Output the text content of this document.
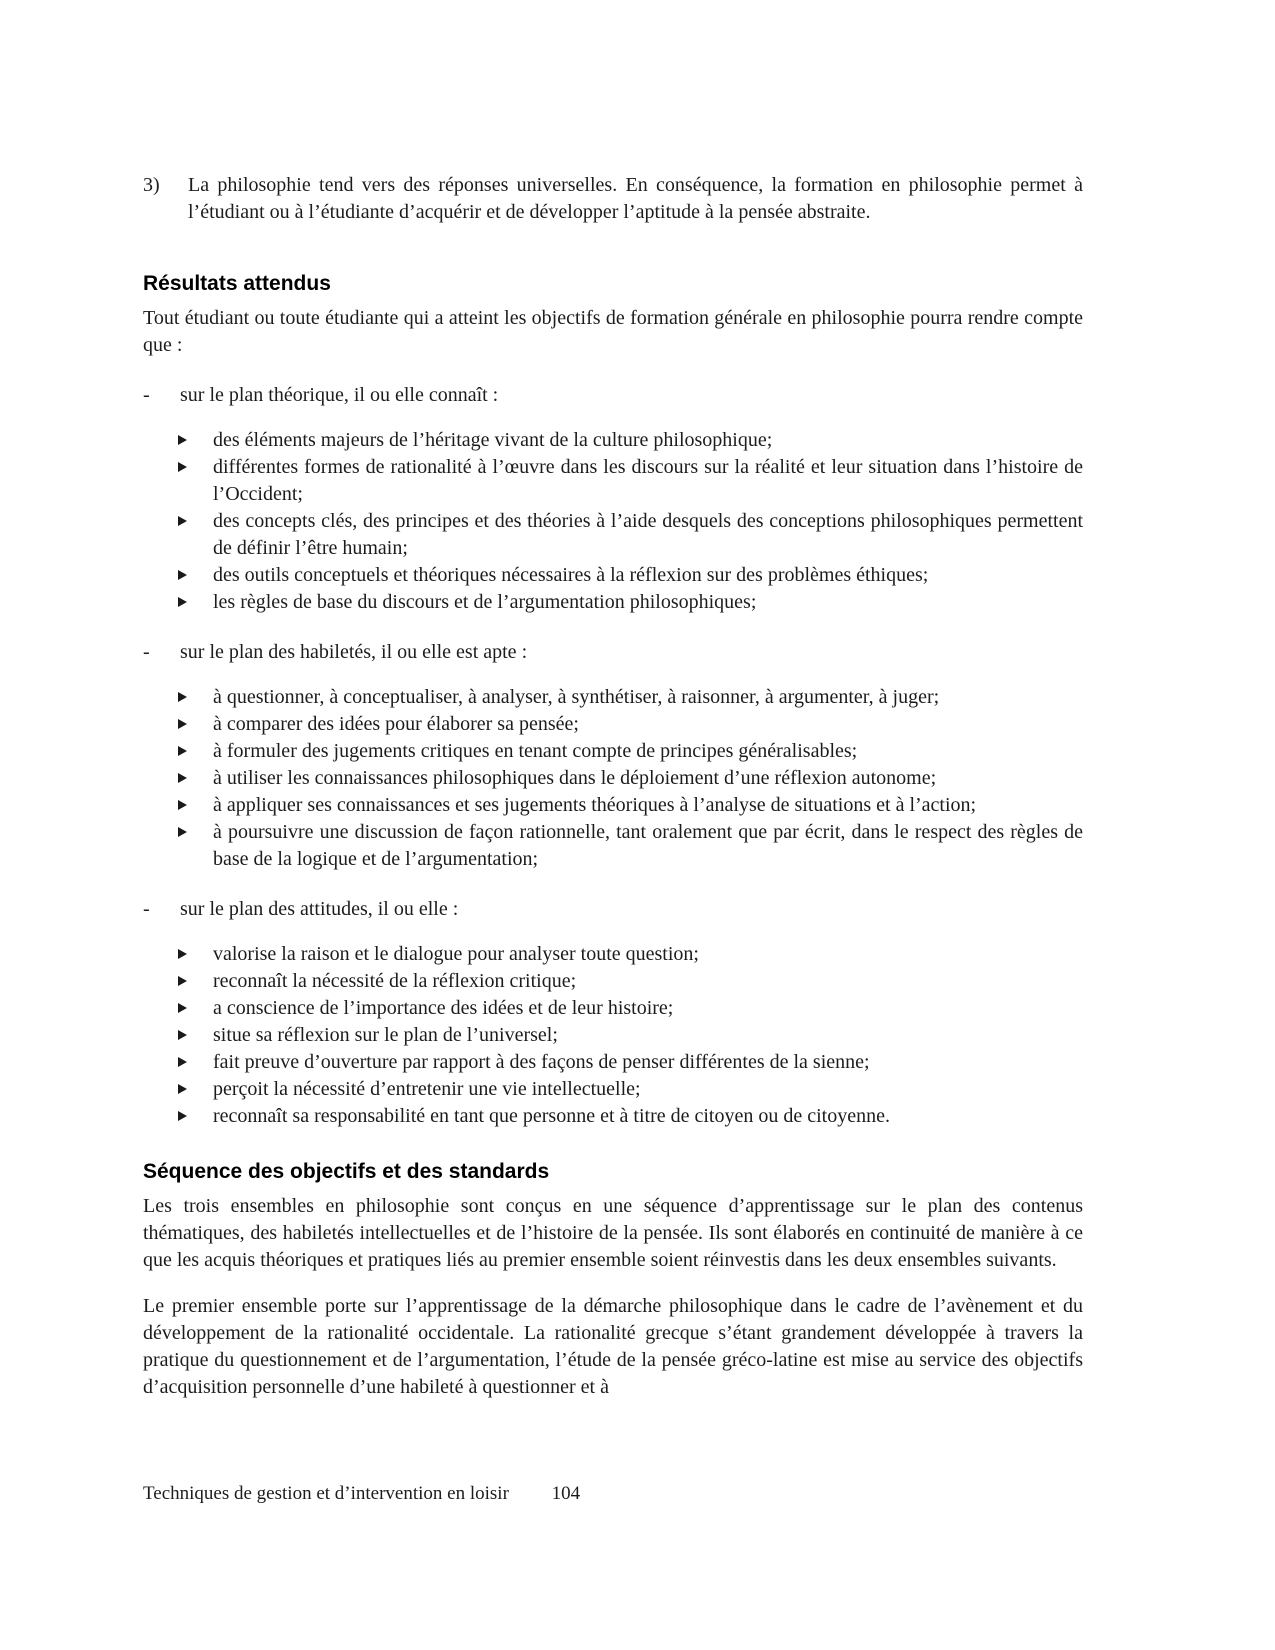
3)	La philosophie tend vers des réponses universelles. En conséquence, la formation en philosophie permet à l’étudiant ou à l’étudiante d’acquérir et de développer l’aptitude à la pensée abstraite.
Résultats attendus

Tout étudiant ou toute étudiante qui a atteint les objectifs de formation générale en philosophie pourra rendre compte que :

-	sur le plan théorique, il ou elle connaît :
des éléments majeurs de l’héritage vivant de la culture philosophique;
différentes formes de rationalité à l’œuvre dans les discours sur la réalité et leur situation dans l’histoire de l’Occident;
des concepts clés, des principes et des théories à l’aide desquels des conceptions philosophiques permettent de définir l’être humain;
des outils conceptuels et théoriques nécessaires à la réflexion sur des problèmes éthiques;
les règles de base du discours et de l’argumentation philosophiques;
-	sur le plan des habiletés, il ou elle est apte :
à questionner, à conceptualiser, à analyser, à synthétiser, à raisonner, à argumenter, à juger;
à comparer des idées pour élaborer sa pensée;
à formuler des jugements critiques en tenant compte de principes généralisables;
à utiliser les connaissances philosophiques dans le déploiement d’une réflexion autonome;
à appliquer ses connaissances et ses jugements théoriques à l’analyse de situations et à l’action;
à poursuivre une discussion de façon rationnelle, tant oralement que par écrit, dans le respect des règles de base de la logique et de l’argumentation;
-	sur le plan des attitudes, il ou elle :
valorise la raison et le dialogue pour analyser toute question;
reconnaît la nécessité de la réflexion critique;
a conscience de l’importance des idées et de leur histoire;
situe sa réflexion sur le plan de l’universel;
fait preuve d’ouverture par rapport à des façons de penser différentes de la sienne;
perçoit la nécessité d’entretenir une vie intellectuelle;
reconnaît sa responsabilité en tant que personne et à titre de citoyen ou de citoyenne.
Séquence des objectifs et des standards

Les trois ensembles en philosophie sont conçus en une séquence d’apprentissage sur le plan des contenus thématiques, des habiletés intellectuelles et de l’histoire de la pensée. Ils sont élaborés en continuité de manière à ce que les acquis théoriques et pratiques liés au premier ensemble soient réinvestis dans les deux ensembles suivants.

Le premier ensemble porte sur l’apprentissage de la démarche philosophique dans le cadre de l’avènement et du développement de la rationalité occidentale. La rationalité grecque s’étant grandement développée à travers la pratique du questionnement et de l’argumentation, l’étude de la pensée gréco-latine est mise au service des objectifs d’acquisition personnelle d’une habileté à questionner et à

Techniques de gestion et d’intervention en loisir 104
